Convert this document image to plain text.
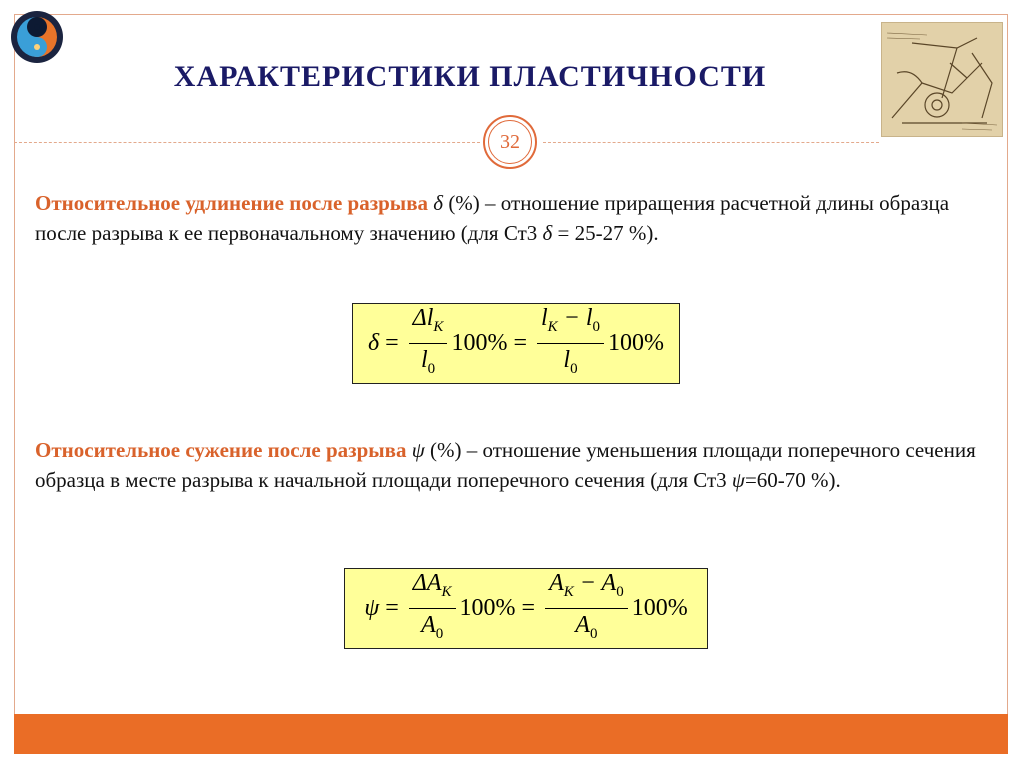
ХАРАКТЕРИСТИКИ ПЛАСТИЧНОСТИ
32
Относительное удлинение после разрыва δ (%) – отношение приращения расчетной длины образца после разрыва к ее первоначальному значению (для Ст3 δ = 25-27 %).
$\delta = \frac{\Delta l_K}{l_0} 100\% = \frac{l_K - l_0}{l_0} 100\%$
Относительное сужение после разрыва ψ (%) – отношение уменьшения площади поперечного сечения образца в месте разрыва к начальной площади поперечного сечения (для Ст3 ψ=60-70 %).
$\psi = \frac{\Delta A_K}{A_0} 100\% = \frac{A_K - A_0}{A_0} 100\%$
